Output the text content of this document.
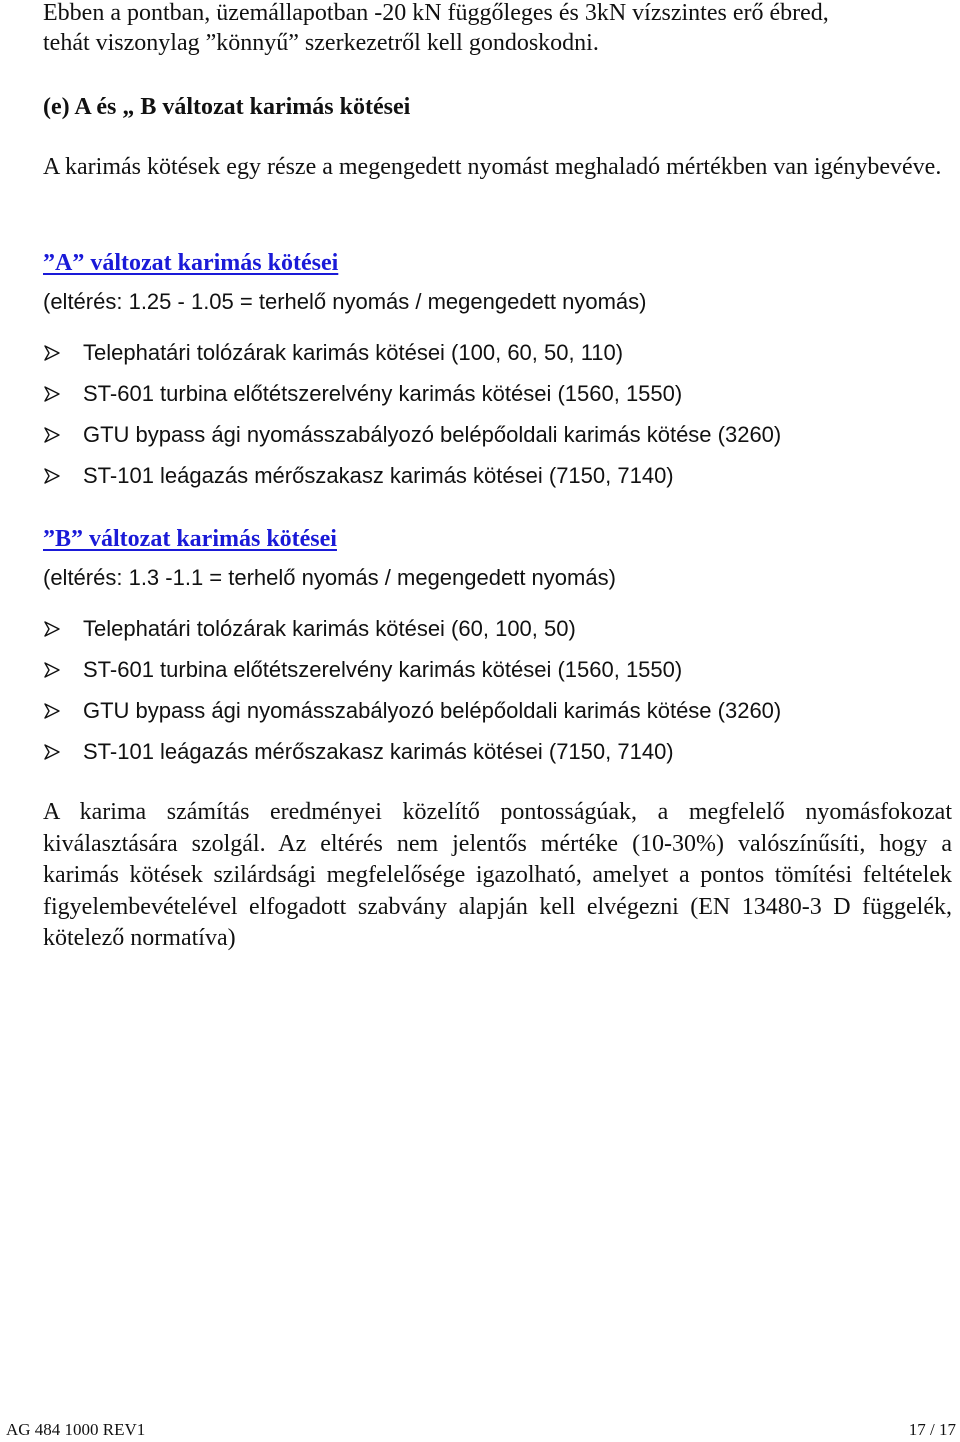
Ebben a pontban, üzemállapotban -20 kN függőleges és 3kN vízszintes erő ébred,
tehát viszonylag ”könnyű” szerkezetről kell gondoskodni.
(e) A és „ B változat karimás kötései
A karimás kötések egy része a megengedett nyomást meghaladó mértékben van igénybevéve.
”A” változat karimás kötései
(eltérés: 1.25 - 1.05 = terhelő nyomás / megengedett nyomás)
Telephatári tolózárak karimás kötései (100, 60, 50, 110)
ST-601 turbina előtétszerelvény karimás kötései (1560, 1550)
GTU bypass ági nyomásszabályozó belépőoldali karimás kötése (3260)
ST-101 leágazás mérőszakasz karimás kötései (7150, 7140)
”B” változat karimás kötései
(eltérés: 1.3 -1.1 = terhelő nyomás / megengedett nyomás)
Telephatári tolózárak karimás kötései (60, 100, 50)
ST-601 turbina előtétszerelvény karimás kötései (1560, 1550)
GTU bypass ági nyomásszabályozó belépőoldali karimás kötése (3260)
ST-101 leágazás mérőszakasz karimás kötései (7150, 7140)
A karima számítás eredményei közelítő pontosságúak, a megfelelő nyomásfokozat kiválasztására szolgál. Az eltérés nem jelentős mértéke (10-30%) valószínűsíti, hogy a karimás kötések szilárdsági megfelelősége igazolható, amelyet a pontos tömítési feltételek figyelembevételével elfogadott szabvány alapján kell elvégezni (EN 13480-3 D függelék, kötelező normatíva)
AG 484 1000 REV1	17 / 17
